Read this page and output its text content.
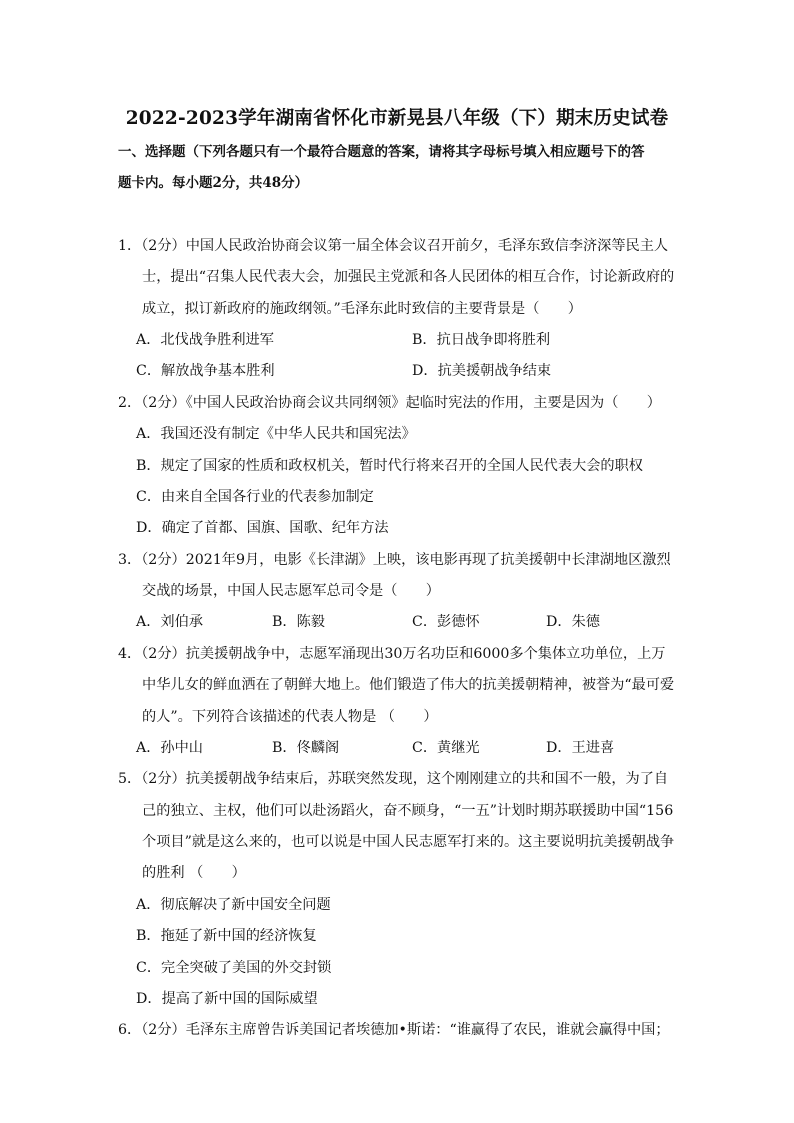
2022-2023学年湖南省怀化市新晃县八年级（下）期末历史试卷
一、选择题（下列各题只有一个最符合题意的答案，请将其字母标号填入相应题号下的答
题卡内。每小题2分，共48分）
1．（2分）中国人民政治协商会议第一届全体会议召开前夕，毛泽东致信李济深等民主人
士，提出“召集人民代表大会，加强民主党派和各人民团体的相互合作，讨论新政府的
成立，拟订新政府的施政纲领。”毛泽东此时致信的主要背景是（　　）
A．北伐战争胜利进军	B．抗日战争即将胜利
C．解放战争基本胜利	D．抗美援朝战争结束
2．（2分）《中国人民政治协商会议共同纲领》起临时宪法的作用，主要是因为（　　）
A．我国还没有制定《中华人民共和国宪法》
B．规定了国家的性质和政权机关，暂时代行将来召开的全国人民代表大会的职权
C．由来自全国各行业的代表参加制定
D．确定了首都、国旗、国歌、纪年方法
3．（2分）2021年9月，电影《长津湖》上映，该电影再现了抗美援朝中长津湖地区激烈
交战的场景，中国人民志愿军总司令是（　　）
A．刘伯承	B．陈毅	C．彭德怀	D．朱德
4．（2分）抗美援朝战争中，志愿军涌现出30万名功臣和6000多个集体立功单位，上万
中华儿女的鲜血洒在了朝鲜大地上。他们锻造了伟大的抗美援朝精神，被誉为“最可爱
的人”。下列符合该描述的代表人物是 （　　）
A．孙中山	B．佟麟阁	C．黄继光	D．王进喜
5．（2分）抗美援朝战争结束后，苏联突然发现，这个刚刚建立的共和国不一般，为了自
己的独立、主权，他们可以赴汤蹈火，奋不顾身，“一五”计划时期苏联援助中国“156
个项目”就是这么来的，也可以说是中国人民志愿军打来的。这主要说明抗美援朝战争
的胜利 （　　）
A．彻底解决了新中国安全问题
B．拖延了新中国的经济恢复
C．完全突破了美国的外交封锁
D．提高了新中国的国际威望
6．（2分）毛泽东主席曾告诉美国记者埃德加•斯诺：“谁赢得了农民，谁就会赢得中国；
